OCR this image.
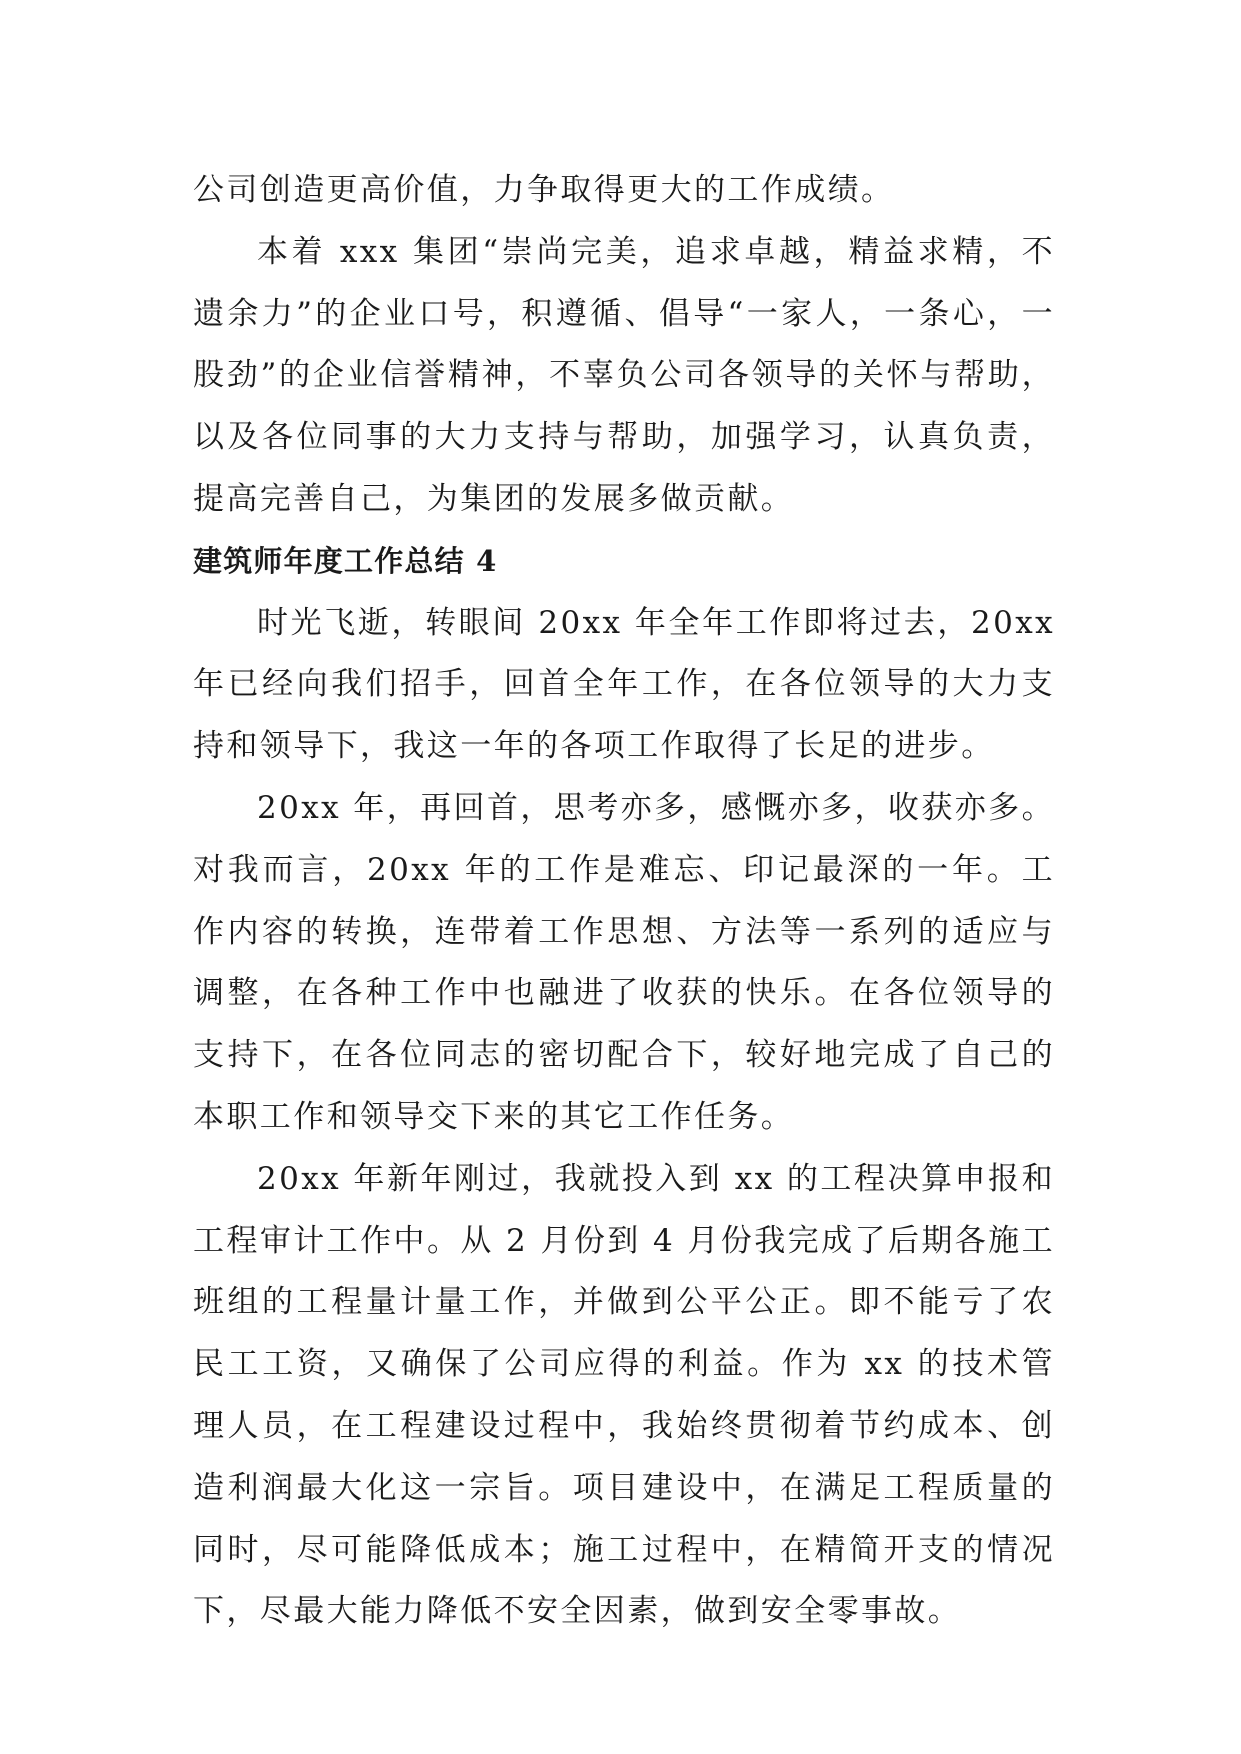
公司创造更高价值，力争取得更大的工作成绩。

本着 xxx 集团“崇尚完美，追求卓越，精益求精，不遗余力”的企业口号，积遵循、倡导“一家人，一条心，一股劲”的企业信誉精神，不辜负公司各领导的关怀与帮助，以及各位同事的大力支持与帮助，加强学习，认真负责，提高完善自己，为集团的发展多做贡献。

建筑师年度工作总结 4

时光飞逝，转眼间 20xx 年全年工作即将过去，20xx 年已经向我们招手，回首全年工作，在各位领导的大力支持和领导下，我这一年的各项工作取得了长足的进步。

20xx 年，再回首，思考亦多，感慨亦多，收获亦多。对我而言，20xx 年的工作是难忘、印记最深的一年。工作内容的转换，连带着工作思想、方法等一系列的适应与调整，在各种工作中也融进了收获的快乐。在各位领导的支持下，在各位同志的密切配合下，较好地完成了自己的本职工作和领导交下来的其它工作任务。

20xx 年新年刚过，我就投入到 xx 的工程决算申报和工程审计工作中。从 2 月份到 4 月份我完成了后期各施工班组的工程量计量工作，并做到公平公正。即不能亏了农民工工资，又确保了公司应得的利益。作为 xx 的技术管理人员，在工程建设过程中，我始终贯彻着节约成本、创造利润最大化这一宗旨。项目建设中，在满足工程质量的同时，尽可能降低成本；施工过程中，在精简开支的情况下，尽最大能力降低不安全因素，做到安全零事故。
